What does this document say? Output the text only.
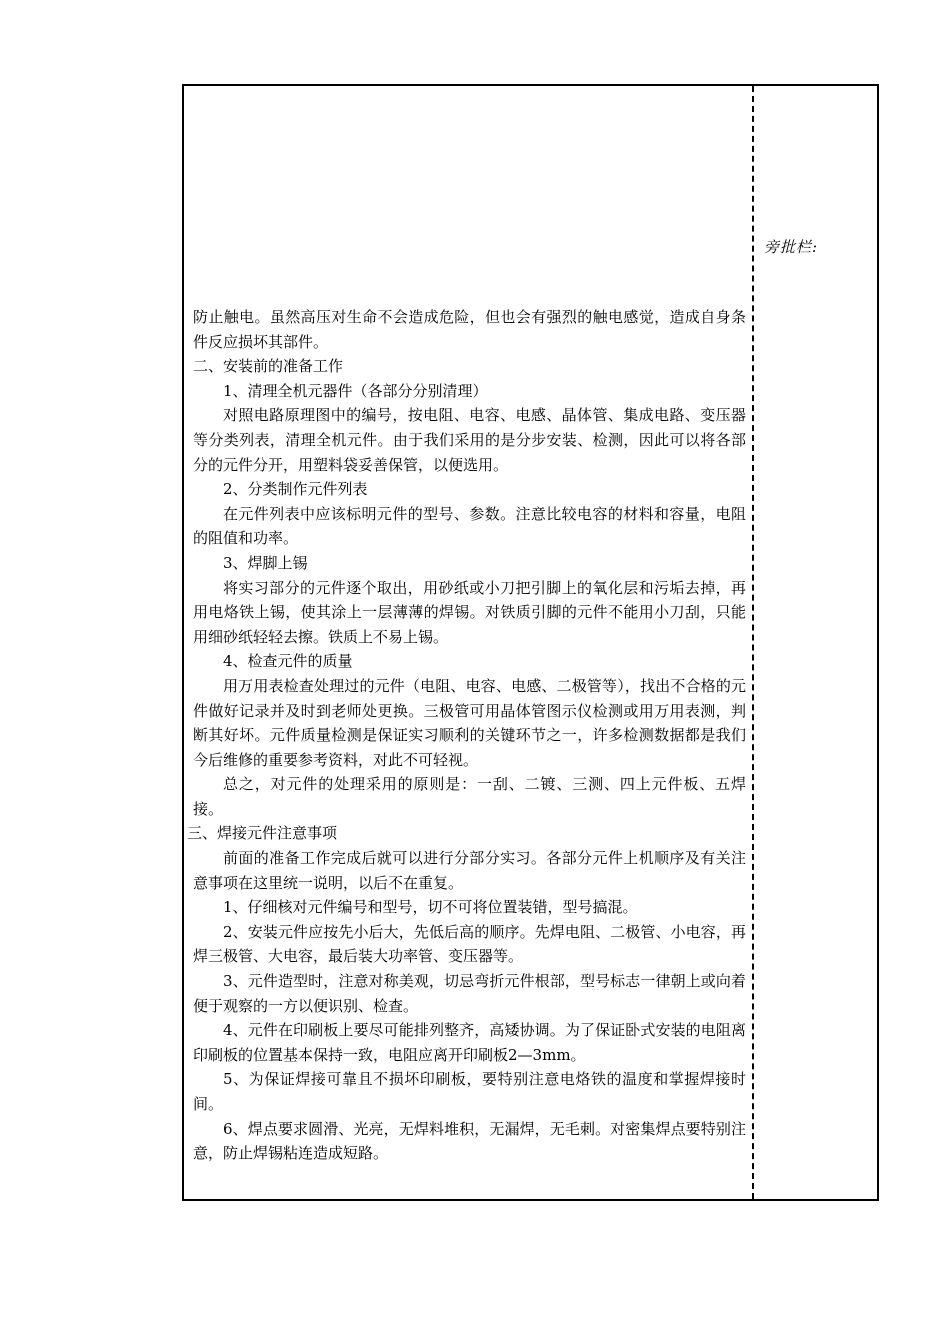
旁批栏:

防止触电。虽然高压对生命不会造成危险，但也会有强烈的触电感觉，造成自身条件反应损坏其部件。

二、安装前的准备工作

1、清理全机元器件（各部分分别清理）

对照电路原理图中的编号，按电阻、电容、电感、晶体管、集成电路、变压器等分类列表，清理全机元件。由于我们采用的是分步安装、检测，因此可以将各部分的元件分开，用塑料袋妥善保管，以便选用。

2、分类制作元件列表

在元件列表中应该标明元件的型号、参数。注意比较电容的材料和容量，电阻的阻值和功率。

3、焊脚上锡

将实习部分的元件逐个取出，用砂纸或小刀把引脚上的氧化层和污垢去掉，再用电烙铁上锡，使其涂上一层薄薄的焊锡。对铁质引脚的元件不能用小刀刮，只能用细砂纸轻轻去擦。铁质上不易上锡。

4、检查元件的质量

用万用表检查处理过的元件（电阻、电容、电感、二极管等），找出不合格的元件做好记录并及时到老师处更换。三极管可用晶体管图示仪检测或用万用表测，判断其好坏。元件质量检测是保证实习顺利的关键环节之一，许多检测数据都是我们今后维修的重要参考资料，对此不可轻视。

总之，对元件的处理采用的原则是：一刮、二镀、三测、四上元件板、五焊接。

三、焊接元件注意事项

前面的准备工作完成后就可以进行分部分实习。各部分元件上机顺序及有关注意事项在这里统一说明，以后不在重复。

1、仔细核对元件编号和型号，切不可将位置装错，型号搞混。

2、安装元件应按先小后大，先低后高的顺序。先焊电阻、二极管、小电容，再焊三极管、大电容，最后装大功率管、变压器等。

3、元件造型时，注意对称美观，切忌弯折元件根部，型号标志一律朝上或向着便于观察的一方以便识别、检查。

4、元件在印刷板上要尽可能排列整齐，高矮协调。为了保证卧式安装的电阻离印刷板的位置基本保持一致，电阻应离开印刷板2—3mm。

5、为保证焊接可靠且不损坏印刷板，要特别注意电烙铁的温度和掌握焊接时间。

6、焊点要求圆滑、光亮，无焊料堆积，无漏焊，无毛刺。对密集焊点要特别注意，防止焊锡粘连造成短路。
